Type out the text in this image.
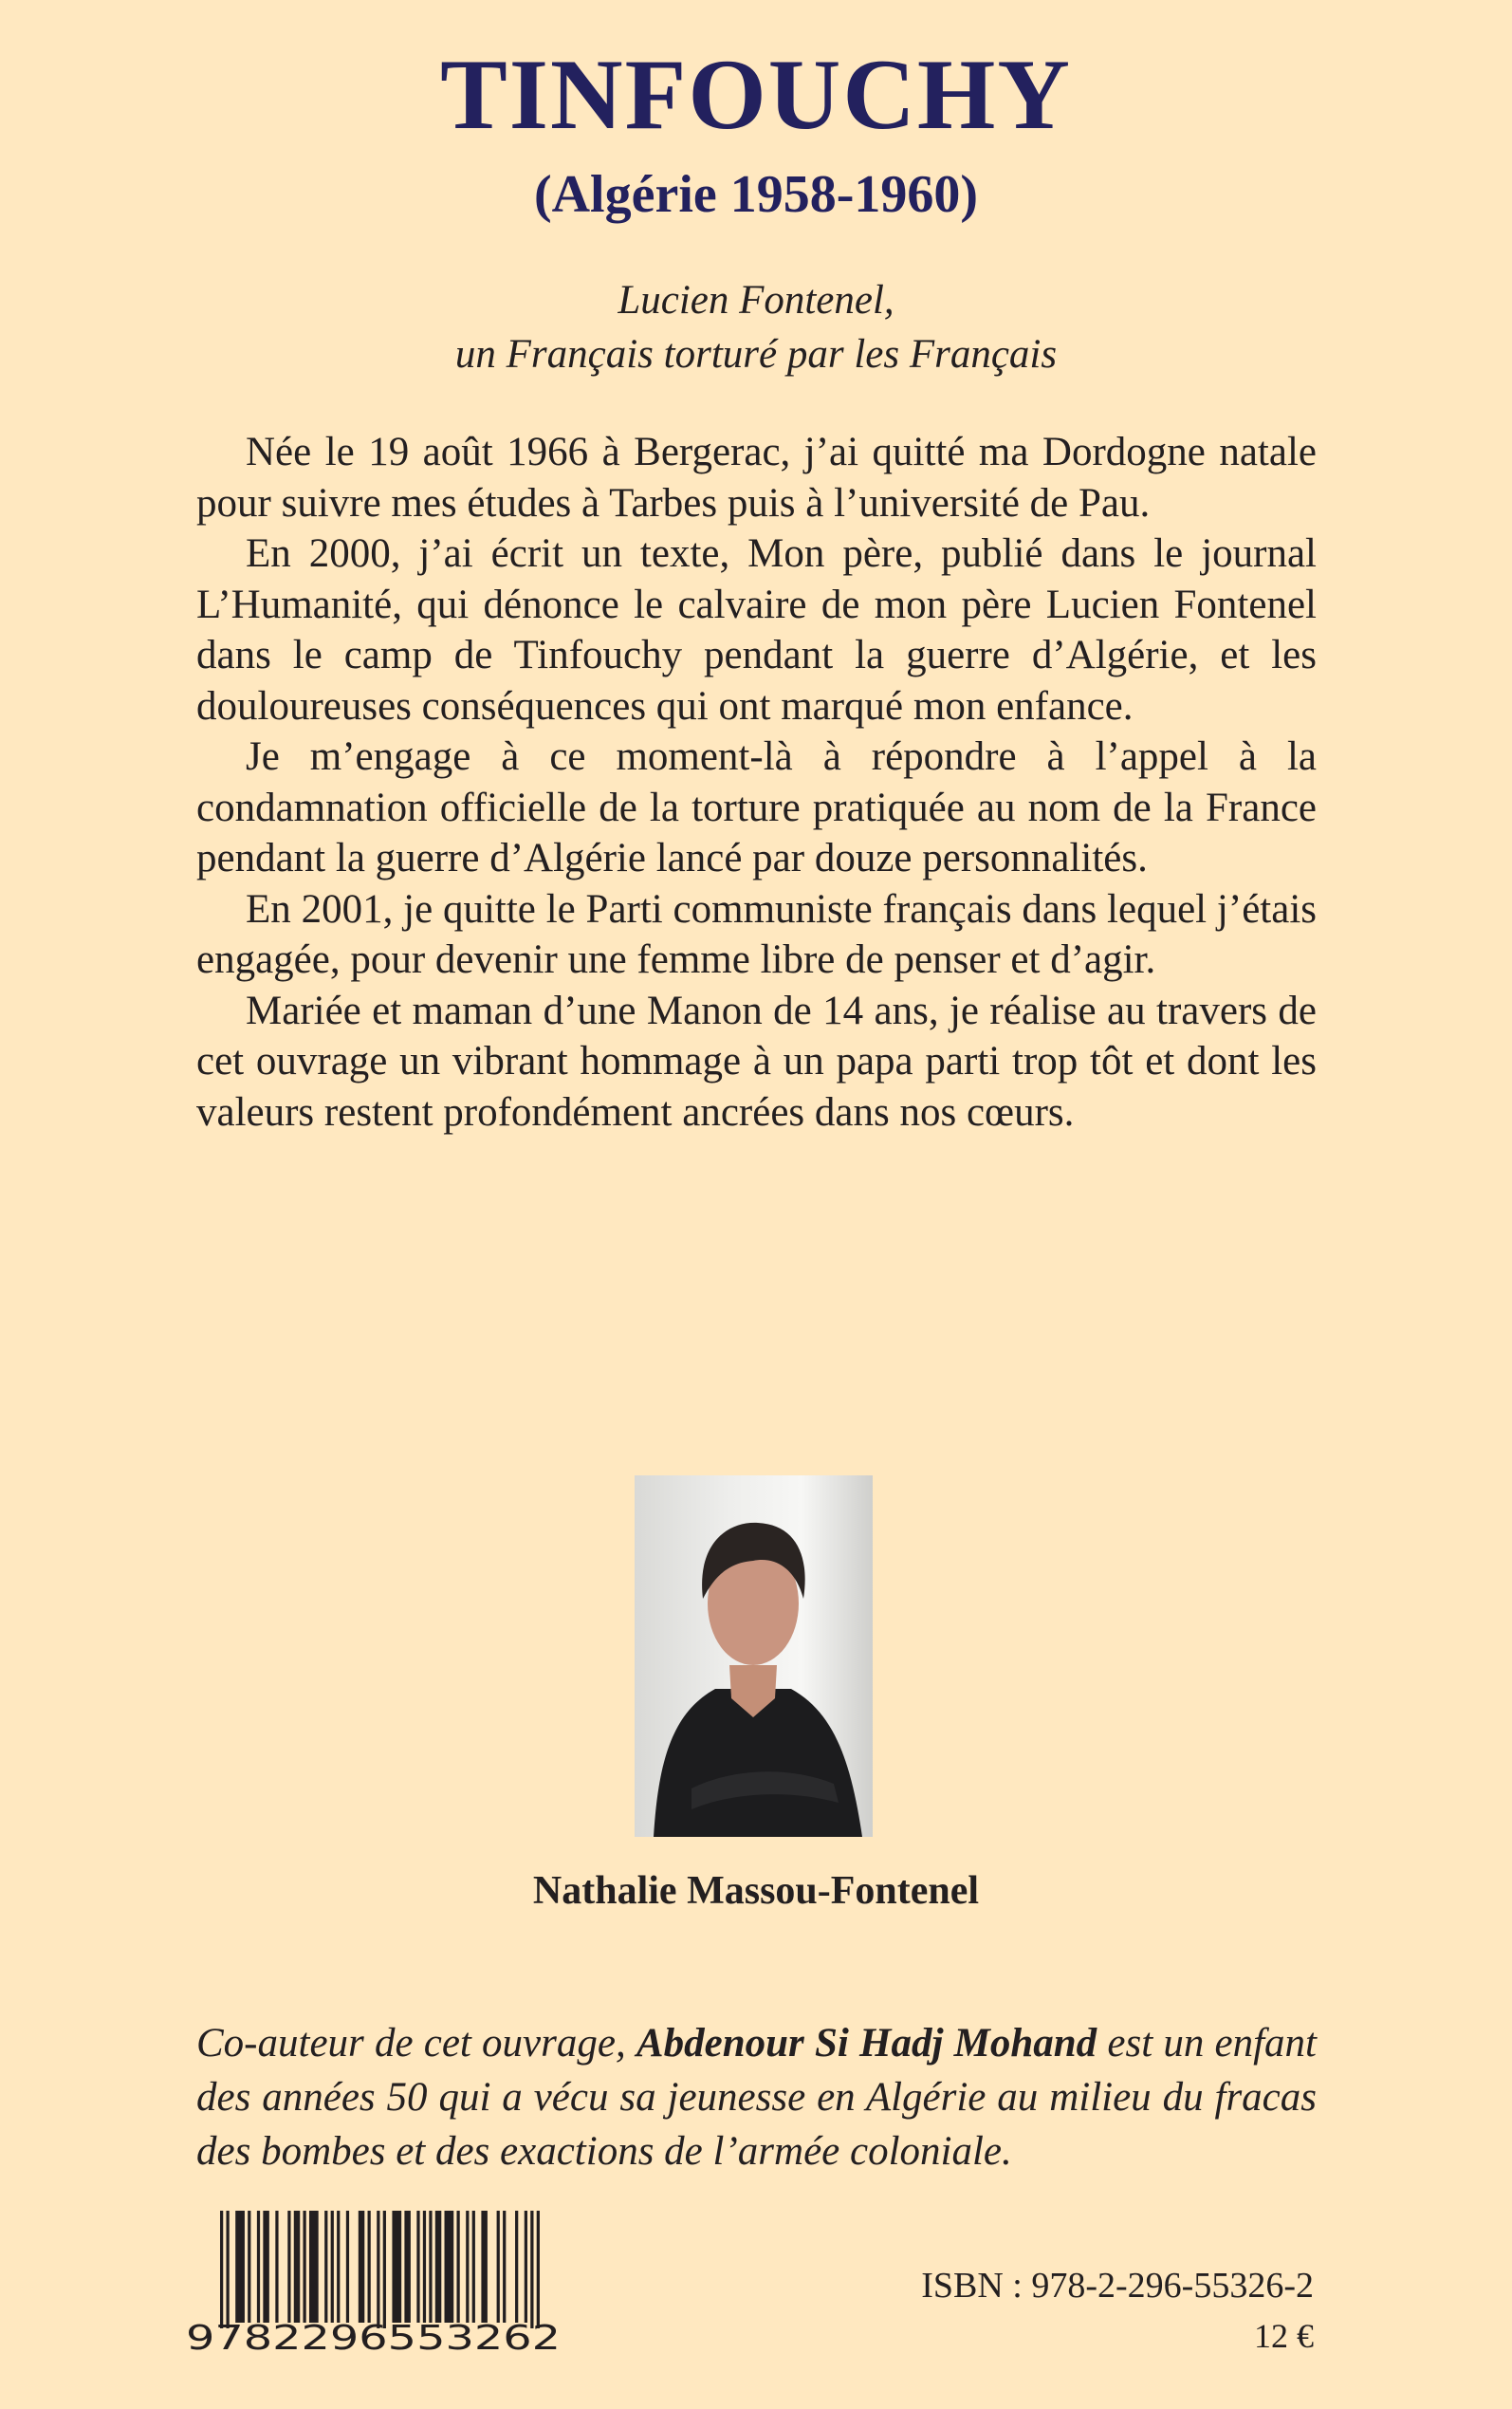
TINFOUCHY
(Algérie 1958-1960)
Lucien Fontenel,
un Français torturé par les Français

Née le 19 août 1966 à Bergerac, j’ai quitté ma Dordogne natale pour suivre mes études à Tarbes puis à l’université de Pau.

En 2000, j’ai écrit un texte, Mon père, publié dans le journal L’Humanité, qui dénonce le calvaire de mon père Lucien Fontenel dans le camp de Tinfouchy pendant la guerre d’Algérie, et les douloureuses conséquences qui ont marqué mon enfance.

Je m’engage à ce moment-là à répondre à l’appel à la condamnation officielle de la torture pratiquée au nom de la France pendant la guerre d’Algérie lancé par douze personnalités.

En 2001, je quitte le Parti communiste français dans lequel j’étais engagée, pour devenir une femme libre de penser et d’agir.

Mariée et maman d’une Manon de 14 ans, je réalise au travers de cet ouvrage un vibrant hommage à un papa parti trop tôt et dont les valeurs restent profondément ancrées dans nos cœurs.

Nathalie Massou-Fontenel
Co-auteur de cet ouvrage, Abdenour Si Hadj Mohand est un enfant des années 50 qui a vécu sa jeunesse en Algérie au milieu du fracas des bombes et des exactions de l’armée coloniale.
9782296553262
ISBN : 978-2-296-55326-2
12 €
